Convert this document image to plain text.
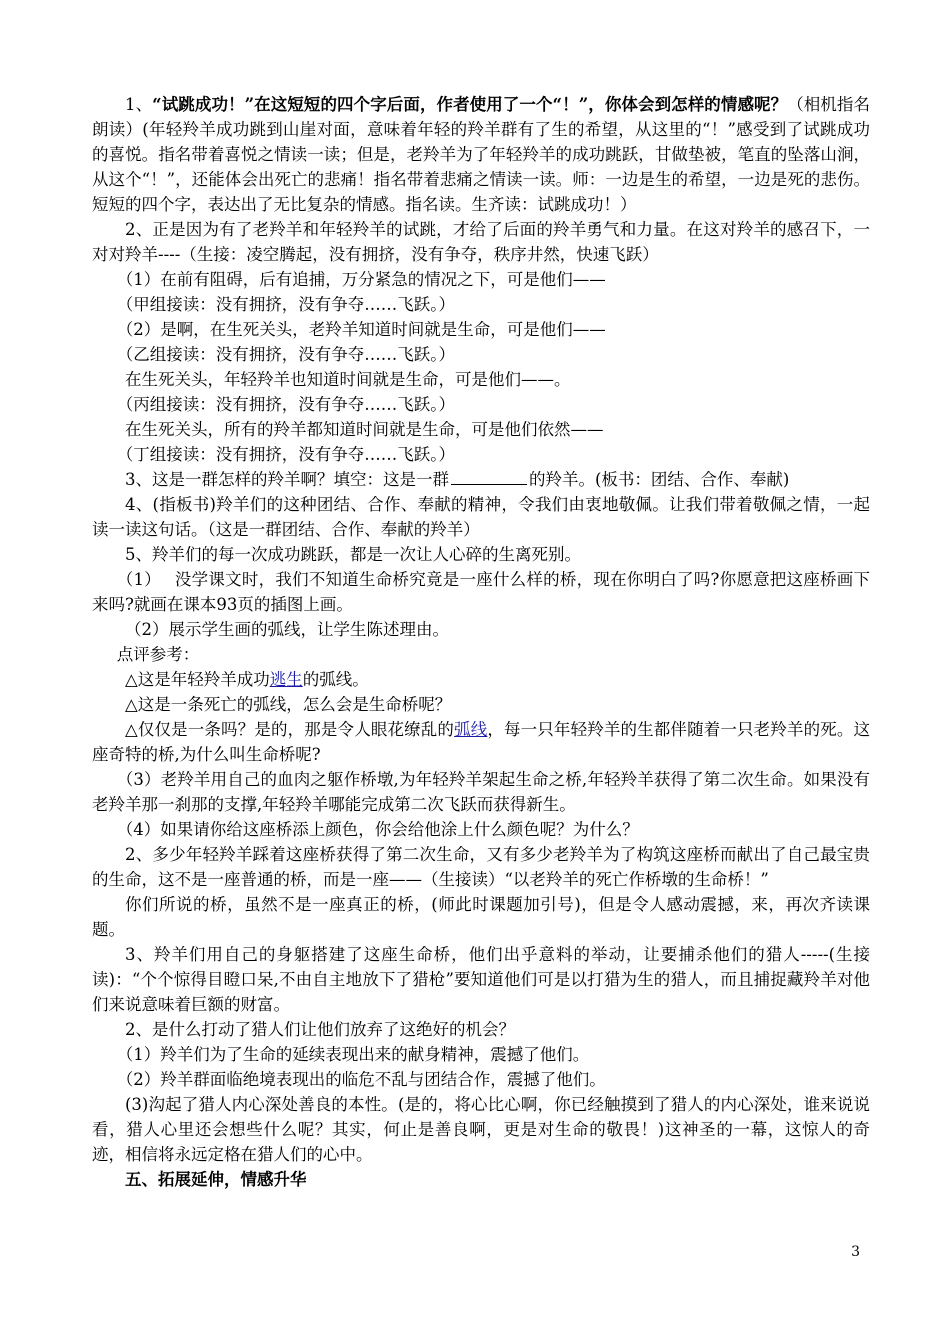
1、“试跳成功！”在这短短的四个字后面，作者使用了一个“！”，你体会到怎样的情感呢？（相机指名朗读）(年轻羚羊成功跳到山崖对面，意味着年轻的羚羊群有了生的希望，从这里的“！”感受到了试跳成功的喜悦。指名带着喜悦之情读一读；但是，老羚羊为了年轻羚羊的成功跳跃，甘做垫被，笔直的坠落山涧，从这个“！”，还能体会出死亡的悲痛！指名带着悲痛之情读一读。师：一边是生的希望，一边是死的悲伤。短短的四个字，表达出了无比复杂的情感。指名读。生齐读：试跳成功！）

2、正是因为有了老羚羊和年轻羚羊的试跳，才给了后面的羚羊勇气和力量。在这对羚羊的感召下，一对对羚羊----（生接：凌空腾起，没有拥挤，没有争夺，秩序井然，快速飞跃）

（1）在前有阻碍，后有追捕，万分紧急的情况之下，可是他们——

（甲组接读：没有拥挤，没有争夺……飞跃。）

（2）是啊，在生死关头，老羚羊知道时间就是生命，可是他们——

（乙组接读：没有拥挤，没有争夺……飞跃。）

在生死关头，年轻羚羊也知道时间就是生命，可是他们——。

（丙组接读：没有拥挤，没有争夺……飞跃。）

在生死关头，所有的羚羊都知道时间就是生命，可是他们依然——

（丁组接读：没有拥挤，没有争夺……飞跃。）

3、这是一群怎样的羚羊啊？填空：这是一群	的羚羊。(板书：团结、合作、奉献)

4、(指板书)羚羊们的这种团结、合作、奉献的精神，令我们由衷地敬佩。让我们带着敬佩之情，一起读一读这句话。（这是一群团结、合作、奉献的羚羊）

5、羚羊们的每一次成功跳跃，都是一次让人心碎的生离死别。

（1）　 没学课文时，我们不知道生命桥究竟是一座什么样的桥，现在你明白了吗?你愿意把这座桥画下来吗?就画在课本93页的插图上画。

（2）展示学生画的弧线，让学生陈述理由。

点评参考：

△这是年轻羚羊成功逃生的弧线。

△这是一条死亡的弧线，怎么会是生命桥呢？

△仅仅是一条吗？是的，那是令人眼花缭乱的弧线，每一只年轻羚羊的生都伴随着一只老羚羊的死。这座奇特的桥,为什么叫生命桥呢?

（3）老羚羊用自己的血肉之躯作桥墩,为年轻羚羊架起生命之桥,年轻羚羊获得了第二次生命。如果没有老羚羊那一刹那的支撑,年轻羚羊哪能完成第二次飞跃而获得新生。

（4）如果请你给这座桥添上颜色，你会给他涂上什么颜色呢？为什么？

2、多少年轻羚羊踩着这座桥获得了第二次生命，又有多少老羚羊为了构筑这座桥而献出了自己最宝贵的生命，这不是一座普通的桥，而是一座——（生接读）“以老羚羊的死亡作桥墩的生命桥！”

你们所说的桥，虽然不是一座真正的桥，(师此时课题加引号)，但是令人感动震撼，来，再次齐读课题。

3、羚羊们用自己的身躯搭建了这座生命桥，他们出乎意料的举动，让要捕杀他们的猎人-----(生接读)：“个个惊得目瞪口呆,不由自主地放下了猎枪”要知道他们可是以打猎为生的猎人，而且捕捉藏羚羊对他们来说意味着巨额的财富。

2、是什么打动了猎人们让他们放弃了这绝好的机会？

（1）羚羊们为了生命的延续表现出来的献身精神，震撼了他们。

（2）羚羊群面临绝境表现出的临危不乱与团结合作，震撼了他们。

(3)沟起了猎人内心深处善良的本性。(是的，将心比心啊，你已经触摸到了猎人的内心深处，谁来说说看，猎人心里还会想些什么呢？其实，何止是善良啊，更是对生命的敬畏！)这神圣的一幕，这惊人的奇迹，相信将永远定格在猎人们的心中。

五、拓展延伸，情感升华

3
